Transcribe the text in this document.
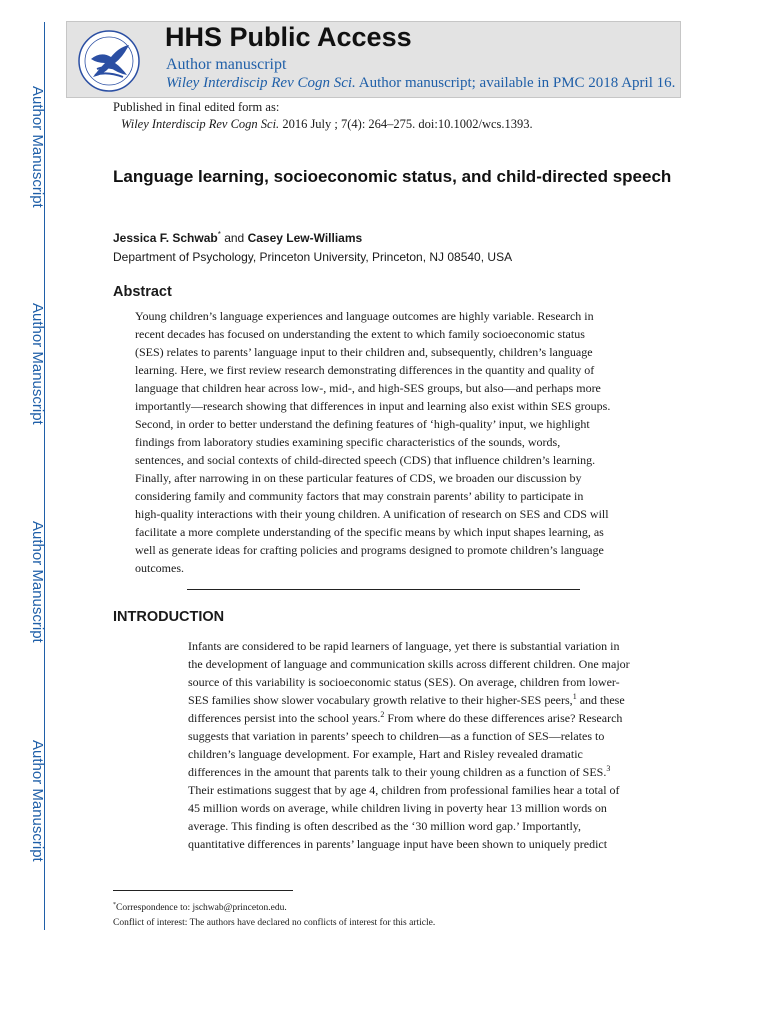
Author Manuscript
Author Manuscript
Author Manuscript
Author Manuscript
HHS Public Access
Author manuscript
Wiley Interdiscip Rev Cogn Sci. Author manuscript; available in PMC 2018 April 16.
Published in final edited form as:
Wiley Interdiscip Rev Cogn Sci. 2016 July ; 7(4): 264–275. doi:10.1002/wcs.1393.
Language learning, socioeconomic status, and child-directed speech
Jessica F. Schwab* and Casey Lew-Williams
Department of Psychology, Princeton University, Princeton, NJ 08540, USA
Abstract
Young children’s language experiences and language outcomes are highly variable. Research in
recent decades has focused on understanding the extent to which family socioeconomic status
(SES) relates to parents’ language input to their children and, subsequently, children’s language
learning. Here, we first review research demonstrating differences in the quantity and quality of
language that children hear across low-, mid-, and high-SES groups, but also—and perhaps more
importantly—research showing that differences in input and learning also exist within SES groups.
Second, in order to better understand the defining features of ‘high-quality’ input, we highlight
findings from laboratory studies examining specific characteristics of the sounds, words,
sentences, and social contexts of child-directed speech (CDS) that influence children’s learning.
Finally, after narrowing in on these particular features of CDS, we broaden our discussion by
considering family and community factors that may constrain parents’ ability to participate in
high-quality interactions with their young children. A unification of research on SES and CDS will
facilitate a more complete understanding of the specific means by which input shapes learning, as
well as generate ideas for crafting policies and programs designed to promote children’s language
outcomes.
INTRODUCTION
Infants are considered to be rapid learners of language, yet there is substantial variation in
the development of language and communication skills across different children. One major
source of this variability is socioeconomic status (SES). On average, children from lower-
SES families show slower vocabulary growth relative to their higher-SES peers,$^1$ and these
differences persist into the school years.$^2$ From where do these differences arise? Research
suggests that variation in parents’ speech to children—as a function of SES—relates to
children’s language development. For example, Hart and Risley revealed dramatic
differences in the amount that parents talk to their young children as a function of SES.$^3$
Their estimations suggest that by age 4, children from professional families hear a total of
45 million words on average, while children living in poverty hear 13 million words on
average. This finding is often described as the ‘30 million word gap.’ Importantly,
quantitative differences in parents’ language input have been shown to uniquely predict
*Correspondence to: jschwab@princeton.edu.
Conflict of interest: The authors have declared no conflicts of interest for this article.
